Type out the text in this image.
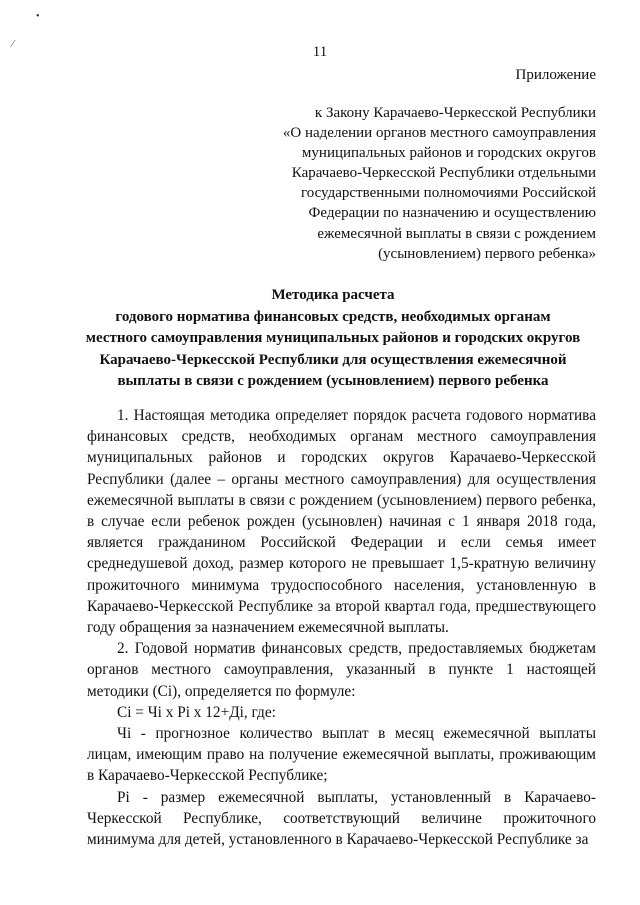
•
⁄	11
Приложение
к Закону Карачаево-Черкесской Республики
«О наделении органов местного самоуправления
муниципальных районов и городских округов
Карачаево-Черкесской Республики отдельными
государственными полномочиями Российской
Федерации по назначению и осуществлению
ежемесячной выплаты в связи с рождением
(усыновлением) первого ребенка»
Методика расчета
годового норматива финансовых средств, необходимых органам
местного самоуправления муниципальных районов и городских округов
Карачаево-Черкесской Республики для осуществления ежемесячной
выплаты в связи с рождением (усыновлением) первого ребенка

1. Настоящая методика определяет порядок расчета годового норматива финансовых средств, необходимых органам местного самоуправления муниципальных районов и городских округов Карачаево-Черкесской Республики (далее – органы местного самоуправления) для осуществления ежемесячной выплаты в связи с рождением (усыновлением) первого ребенка, в случае если ребенок рожден (усыновлен) начиная с 1 января 2018 года, является гражданином Российской Федерации и если семья имеет среднедушевой доход, размер которого не превышает 1,5-кратную величину прожиточного минимума трудоспособного населения, установленную в Карачаево-Черкесской Республике за второй квартал года, предшествующего году обращения за назначением ежемесячной выплаты.

2. Годовой норматив финансовых средств, предоставляемых бюджетам органов местного самоуправления, указанный в пункте 1 настоящей методики (Ci), определяется по формуле:

Ci = Чi x Pi x 12+Дi, где:

Чi - прогнозное количество выплат в месяц ежемесячной выплаты лицам, имеющим право на получение ежемесячной выплаты, проживающим в Карачаево-Черкесской Республике;

Pi - размер ежемесячной выплаты, установленный в Карачаево-Черкесской Республике, соответствующий величине прожиточного минимума для детей, установленного в Карачаево-Черкесской Республике за
